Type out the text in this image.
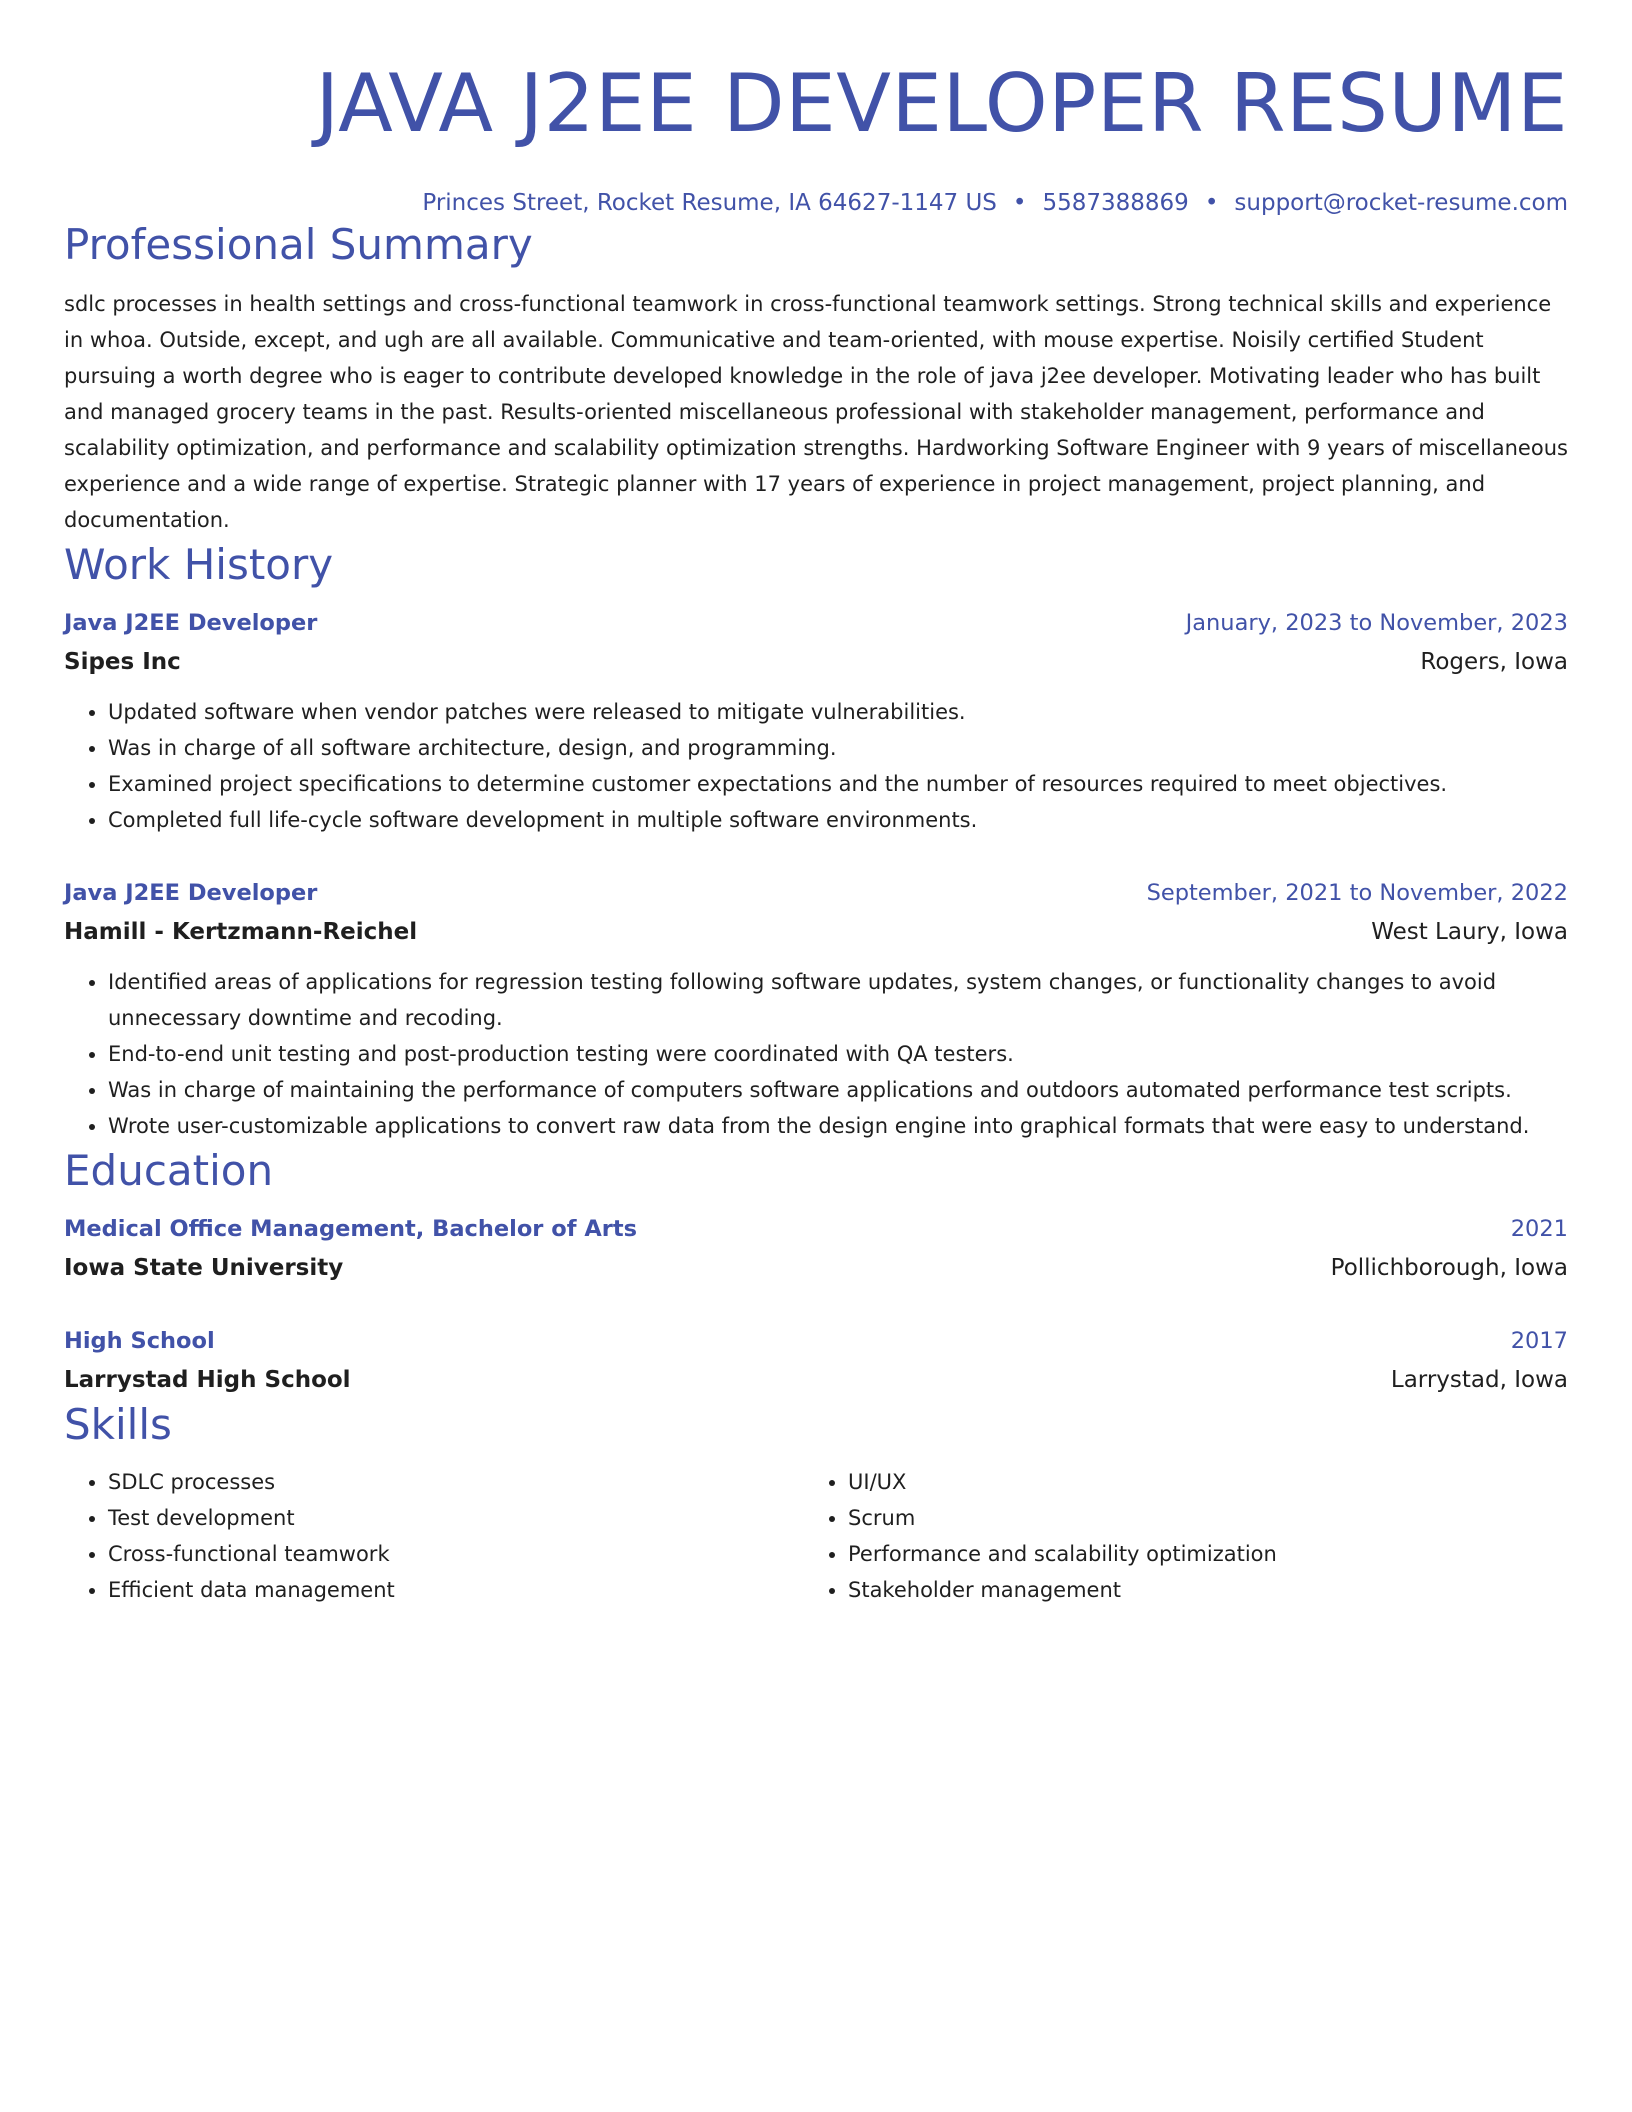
JAVA J2EE DEVELOPER RESUME
Princes Street, Rocket Resume, IA 64627-1147 US • 5587388869 • support@rocket-resume.com
Professional Summary
sdlc processes in health settings and cross-functional teamwork in cross-functional teamwork settings. Strong technical skills and experience in whoa. Outside, except, and ugh are all available. Communicative and team-oriented, with mouse expertise. Noisily certified Student pursuing a worth degree who is eager to contribute developed knowledge in the role of java j2ee developer. Motivating leader who has built and managed grocery teams in the past. Results-oriented miscellaneous professional with stakeholder management, performance and scalability optimization, and performance and scalability optimization strengths. Hardworking Software Engineer with 9 years of miscellaneous experience and a wide range of expertise. Strategic planner with 17 years of experience in project management, project planning, and documentation.
Work History
Java J2EE Developer	January, 2023 to November, 2023
Sipes Inc	Rogers, Iowa
• Updated software when vendor patches were released to mitigate vulnerabilities.
• Was in charge of all software architecture, design, and programming.
• Examined project specifications to determine customer expectations and the number of resources required to meet objectives.
• Completed full life-cycle software development in multiple software environments.
Java J2EE Developer	September, 2021 to November, 2022
Hamill - Kertzmann-Reichel	West Laury, Iowa
• Identified areas of applications for regression testing following software updates, system changes, or functionality changes to avoid unnecessary downtime and recoding.
• End-to-end unit testing and post-production testing were coordinated with QA testers.
• Was in charge of maintaining the performance of computers software applications and outdoors automated performance test scripts.
• Wrote user-customizable applications to convert raw data from the design engine into graphical formats that were easy to understand.
Education
Medical Office Management, Bachelor of Arts	2021
Iowa State University	Pollichborough, Iowa
High School	2017
Larrystad High School	Larrystad, Iowa
Skills
• SDLC processes
• Test development
• Cross-functional teamwork
• Efficient data management
• UI/UX
• Scrum
• Performance and scalability optimization
• Stakeholder management
